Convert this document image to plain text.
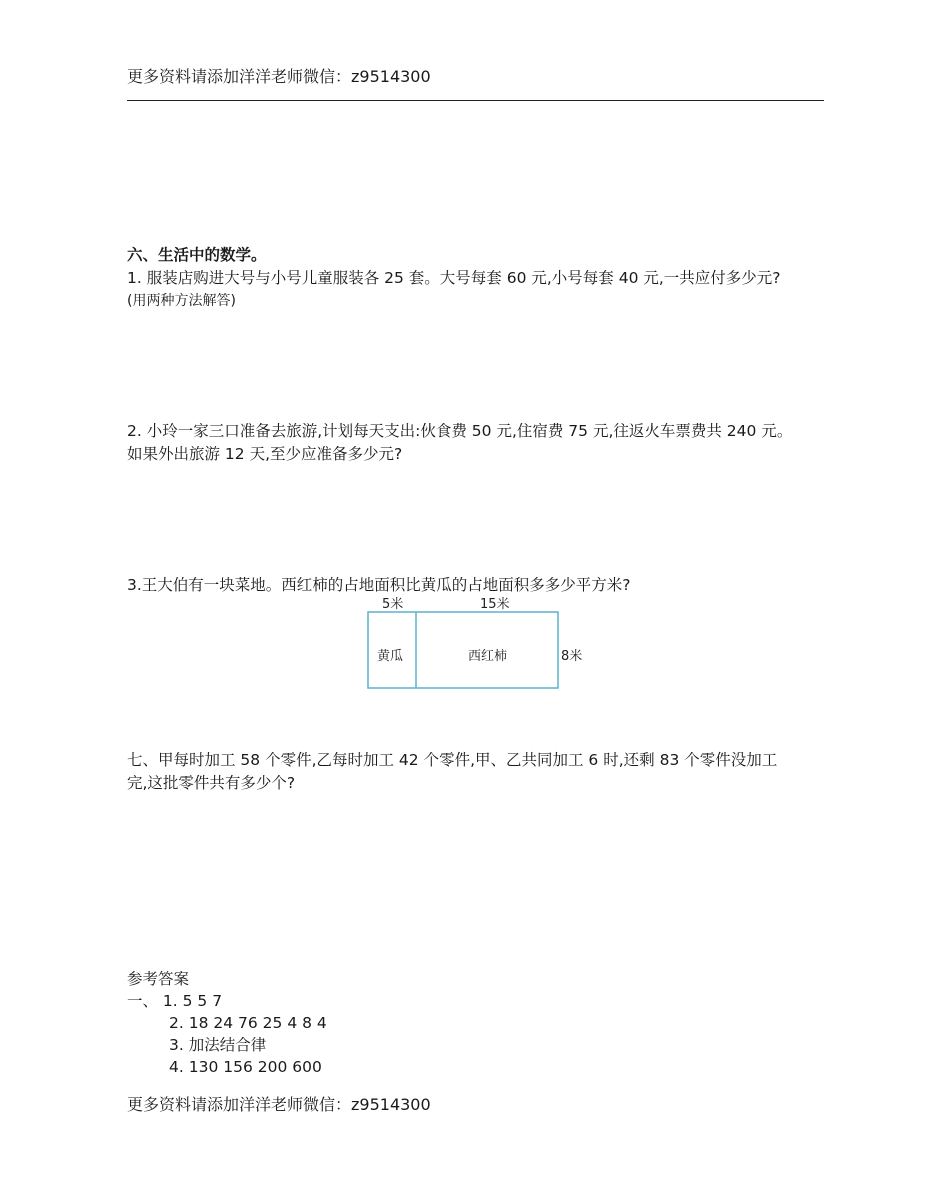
更多资料请添加洋洋老师微信：z9514300
六、生活中的数学。
1. 服装店购进大号与小号儿童服装各 25 套。大号每套 60 元,小号每套 40 元,一共应付多少元?
(用两种方法解答)
2. 小玲一家三口准备去旅游,计划每天支出:伙食费 50 元,住宿费 75 元,往返火车票费共 240 元。
如果外出旅游 12 天,至少应准备多少元?
3.王大伯有一块菜地。西红柿的占地面积比黄瓜的占地面积多多少平方米?
5米	15米
黄瓜	西红柿	8米
七、甲每时加工 58 个零件,乙每时加工 42 个零件,甲、乙共同加工 6 时,还剩 83 个零件没加工
完,这批零件共有多少个?
参考答案
一、 1. 5 5 7
2. 18 24 76 25 4 8 4
3. 加法结合律
4. 130 156 200 600
更多资料请添加洋洋老师微信：z9514300
